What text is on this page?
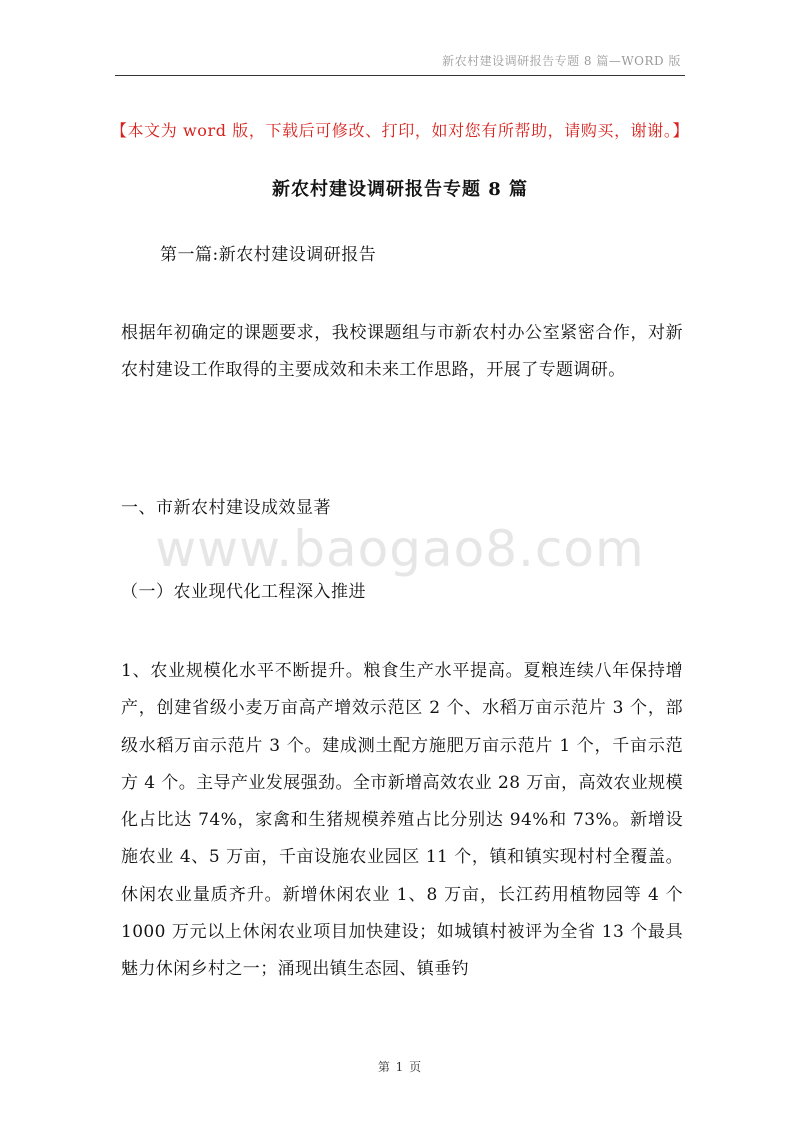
新农村建设调研报告专题 8 篇—WORD 版
【本文为 word 版，下载后可修改、打印，如对您有所帮助，请购买，谢谢。】
新农村建设调研报告专题 8 篇
第一篇:新农村建设调研报告
根据年初确定的课题要求，我校课题组与市新农村办公室紧密合作，对新农村建设工作取得的主要成效和未来工作思路，开展了专题调研。
一、市新农村建设成效显著
www.baogao8.com
（一）农业现代化工程深入推进
1、农业规模化水平不断提升。粮食生产水平提高。夏粮连续八年保持增产，创建省级小麦万亩高产增效示范区 2 个、水稻万亩示范片 3 个，部级水稻万亩示范片 3 个。建成测土配方施肥万亩示范片 1 个，千亩示范方 4 个。主导产业发展强劲。全市新增高效农业 28 万亩，高效农业规模化占比达 74%，家禽和生猪规模养殖占比分别达 94%和 73%。新增设施农业 4、5 万亩，千亩设施农业园区 11 个，镇和镇实现村村全覆盖。休闲农业量质齐升。新增休闲农业 1、8 万亩，长江药用植物园等 4 个 1000 万元以上休闲农业项目加快建设；如城镇村被评为全省 13 个最具魅力休闲乡村之一；涌现出镇生态园、镇垂钓
第 1 页
